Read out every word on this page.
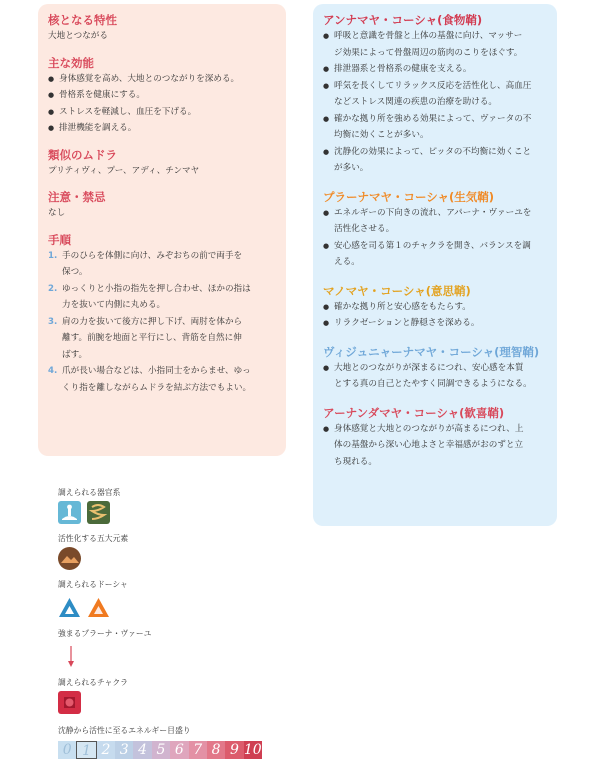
核となる特性

大地とつながる

主な効能

● 身体感覚を高め、大地とのつながりを深める。
● 骨格系を健康にする。
● ストレスを軽減し、血圧を下げる。
● 排泄機能を調える。

類似のムドラ

プリティヴィ、プー、アディ、チンマヤ

注意・禁忌

なし

手順

1. 手のひらを体側に向け、みぞおちの前で両手を
保つ。
2. ゆっくりと小指の指先を押し合わせ、ほかの指は
力を抜いて内側に丸める。
3. 肩の力を抜いて後方に押し下げ、両肘を体から
離す。前腕を地面と平行にし、背筋を自然に伸
ばす。
4. 爪が長い場合などは、小指同士をからませ、ゆっ
くり指を離しながらムドラを結ぶ方法でもよい。

アンナマヤ・コーシャ(食物鞘)

● 呼吸と意識を骨盤と上体の基盤に向け、マッサー
ジ効果によって骨盤周辺の筋肉のこりをほぐす。
● 排泄器系と骨格系の健康を支える。
● 呼気を長くしてリラックス反応を活性化し、高血圧
などストレス関連の疾患の治療を助ける。
● 確かな拠り所を強める効果によって、ヴァータの不
均衡に効くことが多い。
● 沈静化の効果によって、ピッタの不均衡に効くこと
が多い。

プラーナマヤ・コーシャ(生気鞘)

● エネルギーの下向きの流れ、アパーナ・ヴァーユを
活性化させる。
● 安心感を司る第１のチャクラを開き、バランスを調
える。

マノマヤ・コーシャ(意思鞘)

● 確かな拠り所と安心感をもたらす。
● リラクゼーションと静穏さを深める。

ヴィジュニャーナマヤ・コーシャ(理智鞘)

● 大地とのつながりが深まるにつれ、安心感を本質
とする真の自己とたやすく同調できるようになる。

アーナンダマヤ・コーシャ(歓喜鞘)

● 身体感覚と大地とのつながりが高まるにつれ、上
体の基盤から深い心地よさと幸福感がおのずと立
ち現れる。
調えられる器官系
活性化する五大元素
調えられるドーシャ
強まるプラーナ・ヴァーユ
調えられるチャクラ
沈静から活性に至るエネルギー目盛り
0 1 2 3 4 5 6 7 8 9 10
